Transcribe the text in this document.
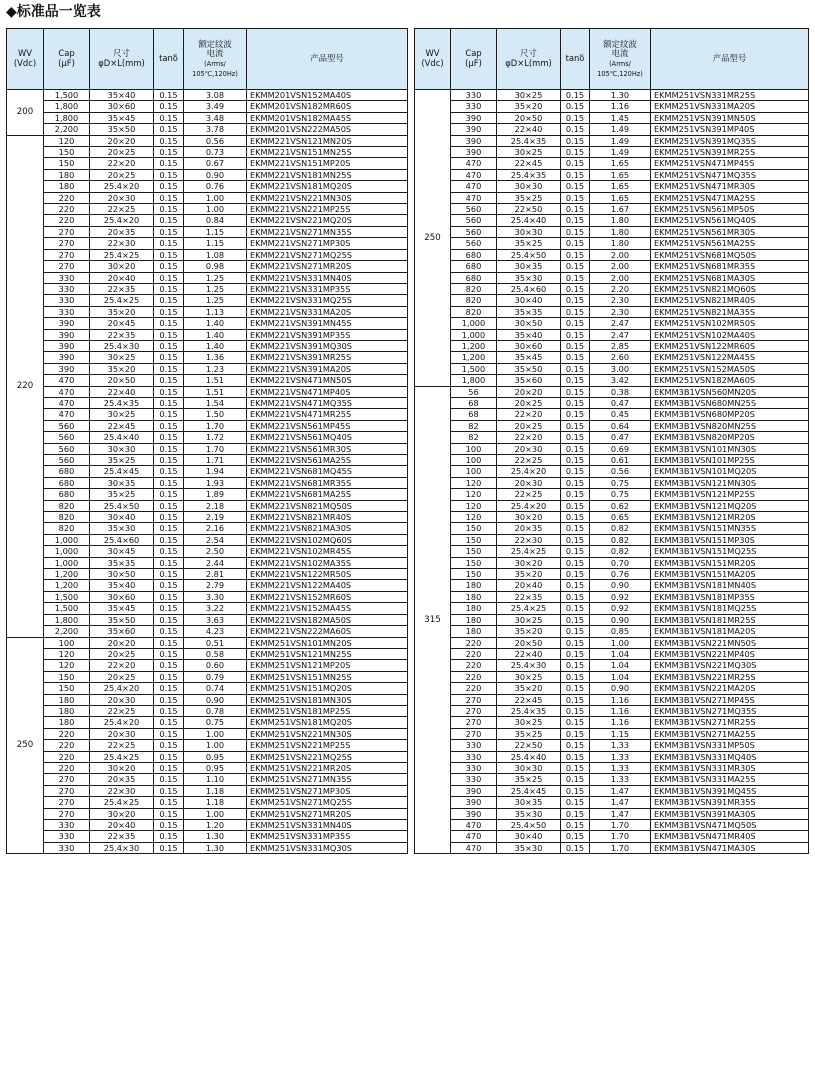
◆标准品一览表
WV
(Vdc)	Cap
(μF)	尺寸
φD×L(mm)	tanδ	额定纹波
电流
(Arms/
105℃,120Hz)	产品型号
200	1,500	35×40	0.15	3.08	EKMM201VSN152MA40S
	1,800	30×60	0.15	3.49	EKMM201VSN182MR60S
	1,800	35×45	0.15	3.48	EKMM201VSN182MA45S
	2,200	35×50	0.15	3.78	EKMM201VSN222MA50S
220	120	20×20	0.15	0.56	EKMM221VSN121MN20S
	150	20×25	0.15	0.73	EKMM221VSN151MN25S
	150	22×20	0.15	0.67	EKMM221VSN151MP20S
	180	20×25	0.15	0.90	EKMM221VSN181MN25S
	180	25.4×20	0.15	0.76	EKMM221VSN181MQ20S
	220	20×30	0.15	1.00	EKMM221VSN221MN30S
	220	22×25	0.15	1.00	EKMM221VSN221MP25S
	220	25.4×20	0.15	0.84	EKMM221VSN221MQ20S
	270	20×35	0.15	1.15	EKMM221VSN271MN35S
	270	22×30	0.15	1.15	EKMM221VSN271MP30S
	270	25.4×25	0.15	1.08	EKMM221VSN271MQ25S
	270	30×20	0.15	0.98	EKMM221VSN271MR20S
	330	20×40	0.15	1.25	EKMM221VSN331MN40S
	330	22×35	0.15	1.25	EKMM221VSN331MP35S
	330	25.4×25	0.15	1.25	EKMM221VSN331MQ25S
	330	35×20	0.15	1.13	EKMM221VSN331MA20S
	390	20×45	0.15	1.40	EKMM221VSN391MN45S
	390	22×35	0.15	1.40	EKMM221VSN391MP35S
	390	25.4×30	0.15	1.40	EKMM221VSN391MQ30S
	390	30×25	0.15	1.36	EKMM221VSN391MR25S
	390	35×20	0.15	1.23	EKMM221VSN391MA20S
	470	20×50	0.15	1.51	EKMM221VSN471MN50S
	470	22×40	0.15	1.51	EKMM221VSN471MP40S
	470	25.4×35	0.15	1.54	EKMM221VSN471MQ35S
	470	30×25	0.15	1.50	EKMM221VSN471MR25S
	560	22×45	0.15	1.70	EKMM221VSN561MP45S
	560	25.4×40	0.15	1.72	EKMM221VSN561MQ40S
	560	30×30	0.15	1.70	EKMM221VSN561MR30S
	560	35×25	0.15	1.71	EKMM221VSN561MA25S
	680	25.4×45	0.15	1.94	EKMM221VSN681MQ45S
	680	30×35	0.15	1.93	EKMM221VSN681MR35S
	680	35×25	0.15	1.89	EKMM221VSN681MA25S
	820	25.4×50	0.15	2.18	EKMM221VSN821MQ50S
	820	30×40	0.15	2.19	EKMM221VSN821MR40S
	820	35×30	0.15	2.16	EKMM221VSN821MA30S
	1,000	25.4×60	0.15	2.54	EKMM221VSN102MQ60S
	1,000	30×45	0.15	2.50	EKMM221VSN102MR45S
	1,000	35×35	0.15	2.44	EKMM221VSN102MA35S
	1,200	30×50	0.15	2.81	EKMM221VSN122MR50S
	1,200	35×40	0.15	2.79	EKMM221VSN122MA40S
	1,500	30×60	0.15	3.30	EKMM221VSN152MR60S
	1,500	35×45	0.15	3.22	EKMM221VSN152MA45S
	1,800	35×50	0.15	3.63	EKMM221VSN182MA50S
	2,200	35×60	0.15	4.23	EKMM221VSN222MA60S
250	100	20×20	0.15	0.51	EKMM251VSN101MN20S
	120	20×25	0.15	0.58	EKMM251VSN121MN25S
	120	22×20	0.15	0.60	EKMM251VSN121MP20S
	150	20×25	0.15	0.79	EKMM251VSN151MN25S
	150	25.4×20	0.15	0.74	EKMM251VSN151MQ20S
	180	20×30	0.15	0.90	EKMM251VSN181MN30S
	180	22×25	0.15	0.78	EKMM251VSN181MP25S
	180	25.4×20	0.15	0.75	EKMM251VSN181MQ20S
	220	20×30	0.15	1.00	EKMM251VSN221MN30S
	220	22×25	0.15	1.00	EKMM251VSN221MP25S
	220	25.4×25	0.15	0.95	EKMM251VSN221MQ25S
	220	30×20	0.15	0.95	EKMM251VSN221MR20S
	270	20×35	0.15	1.10	EKMM251VSN271MN35S
	270	22×30	0.15	1.18	EKMM251VSN271MP30S
	270	25.4×25	0.15	1.18	EKMM251VSN271MQ25S
	270	30×20	0.15	1.00	EKMM251VSN271MR20S
	330	20×40	0.15	1.20	EKMM251VSN331MN40S
	330	22×35	0.15	1.30	EKMM251VSN331MP35S
	330	25.4×30	0.15	1.30	EKMM251VSN331MQ30S
WV
(Vdc)	Cap
(μF)	尺寸
φD×L(mm)	tanδ	额定纹波
电流
(Arms/
105℃,120Hz)	产品型号
250	330	30×25	0.15	1.30	EKMM251VSN331MR25S
	330	35×20	0.15	1.16	EKMM251VSN331MA20S
	390	20×50	0.15	1.45	EKMM251VSN391MN50S
	390	22×40	0.15	1.49	EKMM251VSN391MP40S
	390	25.4×35	0.15	1.49	EKMM251VSN391MQ35S
	390	30×25	0.15	1.49	EKMM251VSN391MR25S
	470	22×45	0.15	1.65	EKMM251VSN471MP45S
	470	25.4×35	0.15	1.65	EKMM251VSN471MQ35S
	470	30×30	0.15	1.65	EKMM251VSN471MR30S
	470	35×25	0.15	1.65	EKMM251VSN471MA25S
	560	22×50	0.15	1.67	EKMM251VSN561MP50S
	560	25.4×40	0.15	1.80	EKMM251VSN561MQ40S
	560	30×30	0.15	1.80	EKMM251VSN561MR30S
	560	35×25	0.15	1.80	EKMM251VSN561MA25S
	680	25.4×50	0.15	2.00	EKMM251VSN681MQ50S
	680	30×35	0.15	2.00	EKMM251VSN681MR35S
	680	35×30	0.15	2.00	EKMM251VSN681MA30S
	820	25.4×60	0.15	2.20	EKMM251VSN821MQ60S
	820	30×40	0.15	2.30	EKMM251VSN821MR40S
	820	35×35	0.15	2.30	EKMM251VSN821MA35S
	1,000	30×50	0.15	2.47	EKMM251VSN102MR50S
	1,000	35×40	0.15	2.47	EKMM251VSN102MA40S
	1,200	30×60	0.15	2.85	EKMM251VSN122MR60S
	1,200	35×45	0.15	2.60	EKMM251VSN122MA45S
	1,500	35×50	0.15	3.00	EKMM251VSN152MA50S
	1,800	35×60	0.15	3.42	EKMM251VSN182MA60S
315	56	20×20	0.15	0.38	EKMM3B1VSN560MN20S
	68	20×25	0.15	0.47	EKMM3B1VSN680MN25S
	68	22×20	0.15	0.45	EKMM3B1VSN680MP20S
	82	20×25	0.15	0.64	EKMM3B1VSN820MN25S
	82	22×20	0.15	0.47	EKMM3B1VSN820MP20S
	100	20×30	0.15	0.69	EKMM3B1VSN101MN30S
	100	22×25	0.15	0.61	EKMM3B1VSN101MP25S
	100	25.4×20	0.15	0.56	EKMM3B1VSN101MQ20S
	120	20×30	0.15	0.75	EKMM3B1VSN121MN30S
	120	22×25	0.15	0.75	EKMM3B1VSN121MP25S
	120	25.4×20	0.15	0.62	EKMM3B1VSN121MQ20S
	120	30×20	0.15	0.65	EKMM3B1VSN121MR20S
	150	20×35	0.15	0.82	EKMM3B1VSN151MN35S
	150	22×30	0.15	0.82	EKMM3B1VSN151MP30S
	150	25.4×25	0.15	0.82	EKMM3B1VSN151MQ25S
	150	30×20	0.15	0.70	EKMM3B1VSN151MR20S
	150	35×20	0.15	0.76	EKMM3B1VSN151MA20S
	180	20×40	0.15	0.90	EKMM3B1VSN181MN40S
	180	22×35	0.15	0.92	EKMM3B1VSN181MP35S
	180	25.4×25	0.15	0.92	EKMM3B1VSN181MQ25S
	180	30×25	0.15	0.90	EKMM3B1VSN181MR25S
	180	35×20	0.15	0.85	EKMM3B1VSN181MA20S
	220	20×50	0.15	1.00	EKMM3B1VSN221MN50S
	220	22×40	0.15	1.04	EKMM3B1VSN221MP40S
	220	25.4×30	0.15	1.04	EKMM3B1VSN221MQ30S
	220	30×25	0.15	1.04	EKMM3B1VSN221MR25S
	220	35×20	0.15	0.90	EKMM3B1VSN221MA20S
	270	22×45	0.15	1.16	EKMM3B1VSN271MP45S
	270	25.4×35	0.15	1.16	EKMM3B1VSN271MQ35S
	270	30×25	0.15	1.16	EKMM3B1VSN271MR25S
	270	35×25	0.15	1.15	EKMM3B1VSN271MA25S
	330	22×50	0.15	1.33	EKMM3B1VSN331MP50S
	330	25.4×40	0.15	1.33	EKMM3B1VSN331MQ40S
	330	30×30	0.15	1.33	EKMM3B1VSN331MR30S
	330	35×25	0.15	1.33	EKMM3B1VSN331MA25S
	390	25.4×45	0.15	1.47	EKMM3B1VSN391MQ45S
	390	30×35	0.15	1.47	EKMM3B1VSN391MR35S
	390	35×30	0.15	1.47	EKMM3B1VSN391MA30S
	470	25.4×50	0.15	1.70	EKMM3B1VSN471MQ50S
	470	30×40	0.15	1.70	EKMM3B1VSN471MR40S
	470	35×30	0.15	1.70	EKMM3B1VSN471MA30S
